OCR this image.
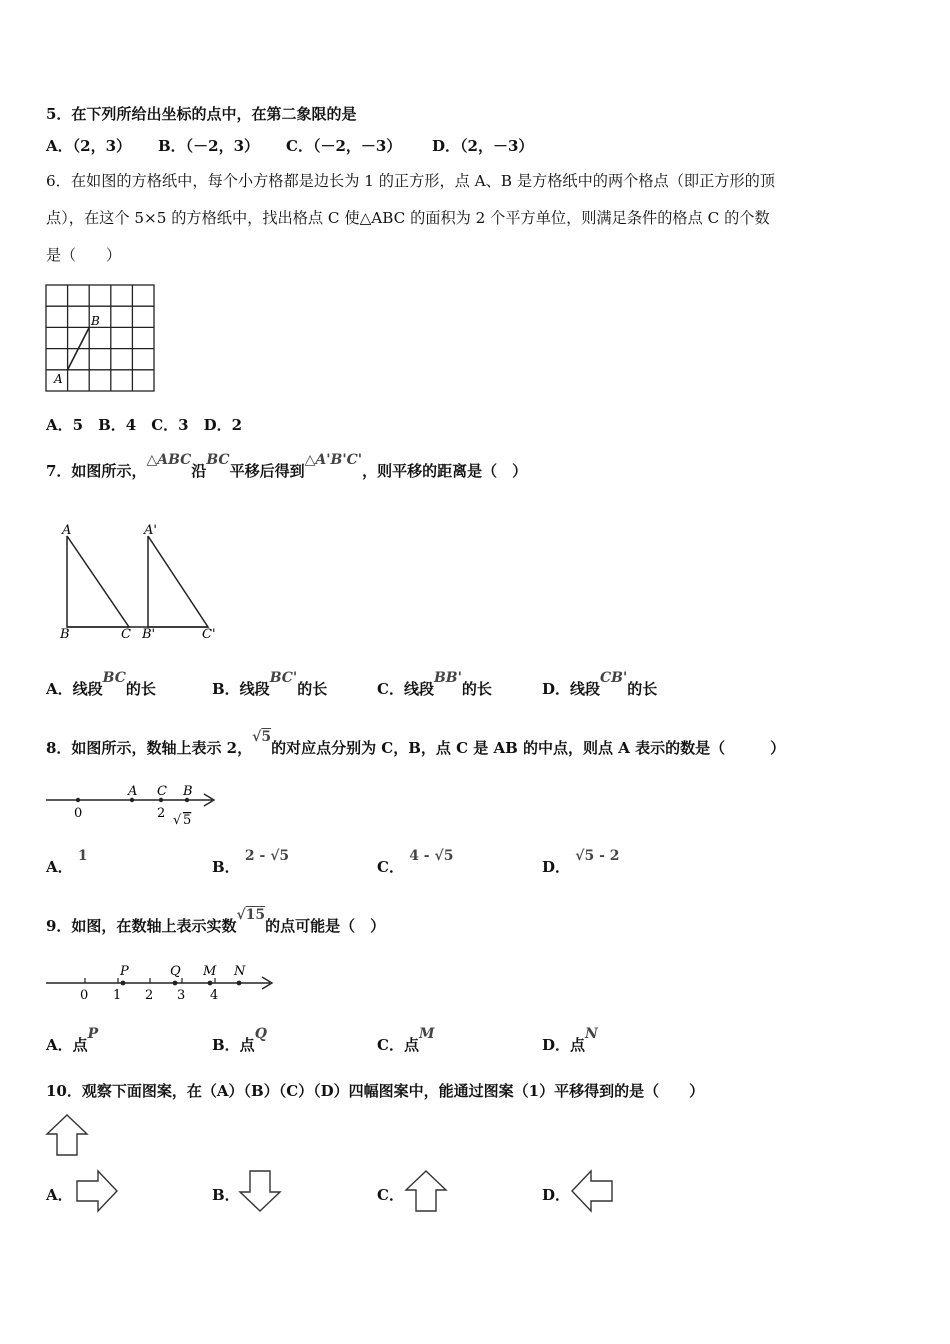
5．在下列所给出坐标的点中，在第二象限的是
A．（2，3） B．（－2，3） C．（－2，－3） D．（2，－3）
6．在如图的方格纸中，每个小方格都是边长为 1 的正方形，点 A、B 是方格纸中的两个格点（即正方形的顶
点），在这个 5×5 的方格纸中，找出格点 C 使△ABC 的面积为 2 个平方单位，则满足条件的格点 C 的个数
是（　　）
A
B
A．5　B．4　C．3　D．2
7．如图所示，△ABC沿BC平移后得到△A'B'C'，则平移的距离是（　）
A
B	C
A'
B'	C'
A．线段BC的长	B．线段BC'的长	C．线段BB'的长	D．线段CB'的长
8．如图所示，数轴上表示 2，√5的对应点分别为 C，B，点 C 是 AB 的中点，则点 A 表示的数是（　　　）
0
A C B
2 √ 5
A． 1
B． 2 - √5
C． 4 - √5
D． √5 - 2
9．如图，在数轴上表示实数√15的点可能是（　）
0 1 2 3 4
P	Q M N
A．点P
B．点Q
C．点M
D．点N
10．观察下面图案，在（A）（B）（C）（D）四幅图案中，能通过图案（1）平移得到的是（　　）
A．	B．	C．	D．
